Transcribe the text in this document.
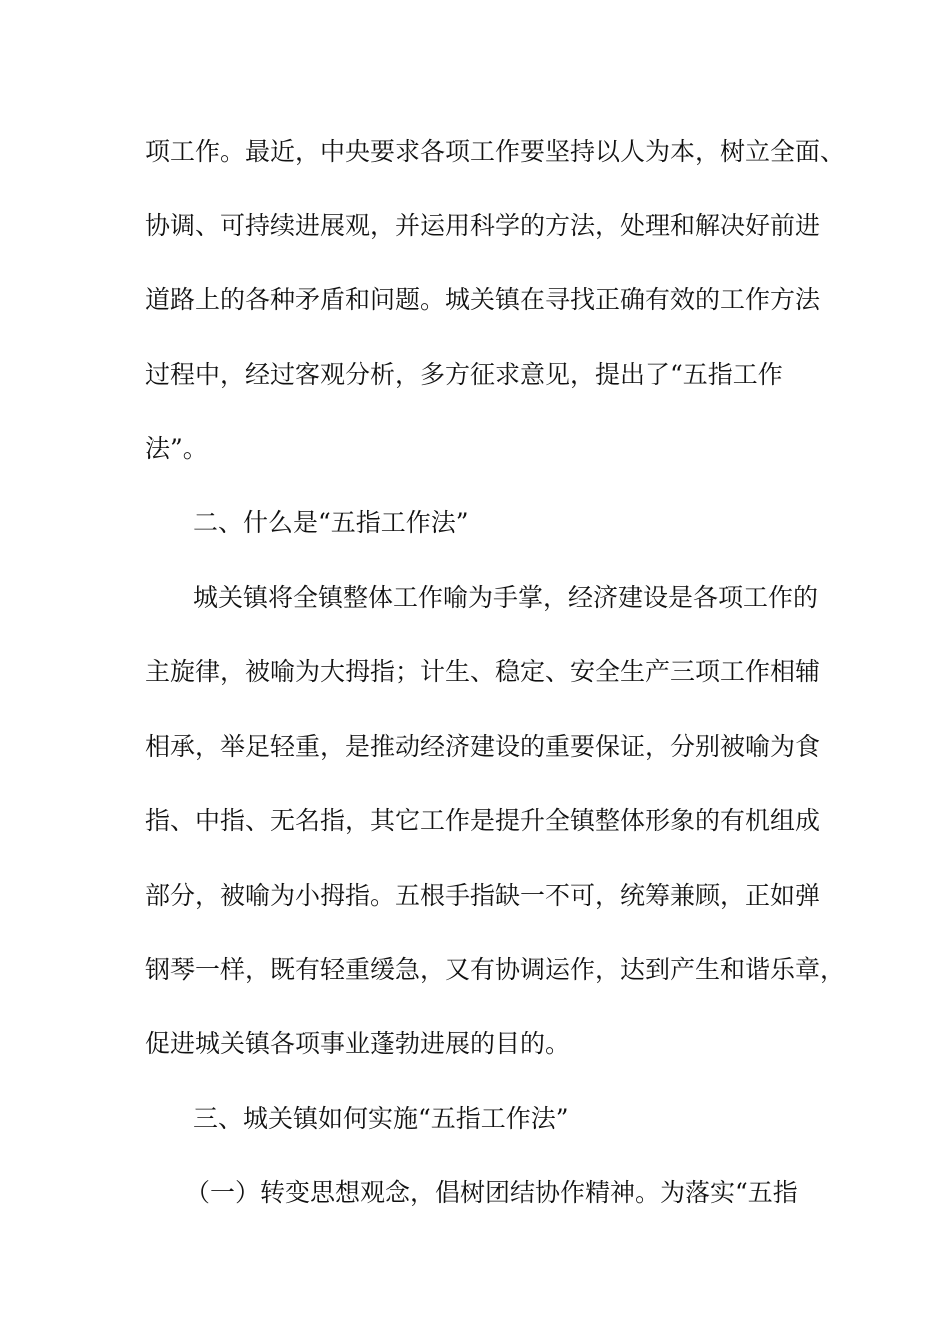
项工作。最近，中央要求各项工作要坚持以人为本，树立全面、
协调、可持续进展观，并运用科学的方法，处理和解决好前进
道路上的各种矛盾和问题。城关镇在寻找正确有效的工作方法
过程中，经过客观分析，多方征求意见，提出了“五指工作
法”。
二、什么是“五指工作法”
城关镇将全镇整体工作喻为手掌，经济建设是各项工作的
主旋律，被喻为大拇指；计生、稳定、安全生产三项工作相辅
相承，举足轻重，是推动经济建设的重要保证，分别被喻为食
指、中指、无名指，其它工作是提升全镇整体形象的有机组成
部分，被喻为小拇指。五根手指缺一不可，统筹兼顾，正如弹
钢琴一样，既有轻重缓急，又有协调运作，达到产生和谐乐章，
促进城关镇各项事业蓬勃进展的目的。
三、城关镇如何实施“五指工作法”
（一）转变思想观念，倡树团结协作精神。为落实“五指
